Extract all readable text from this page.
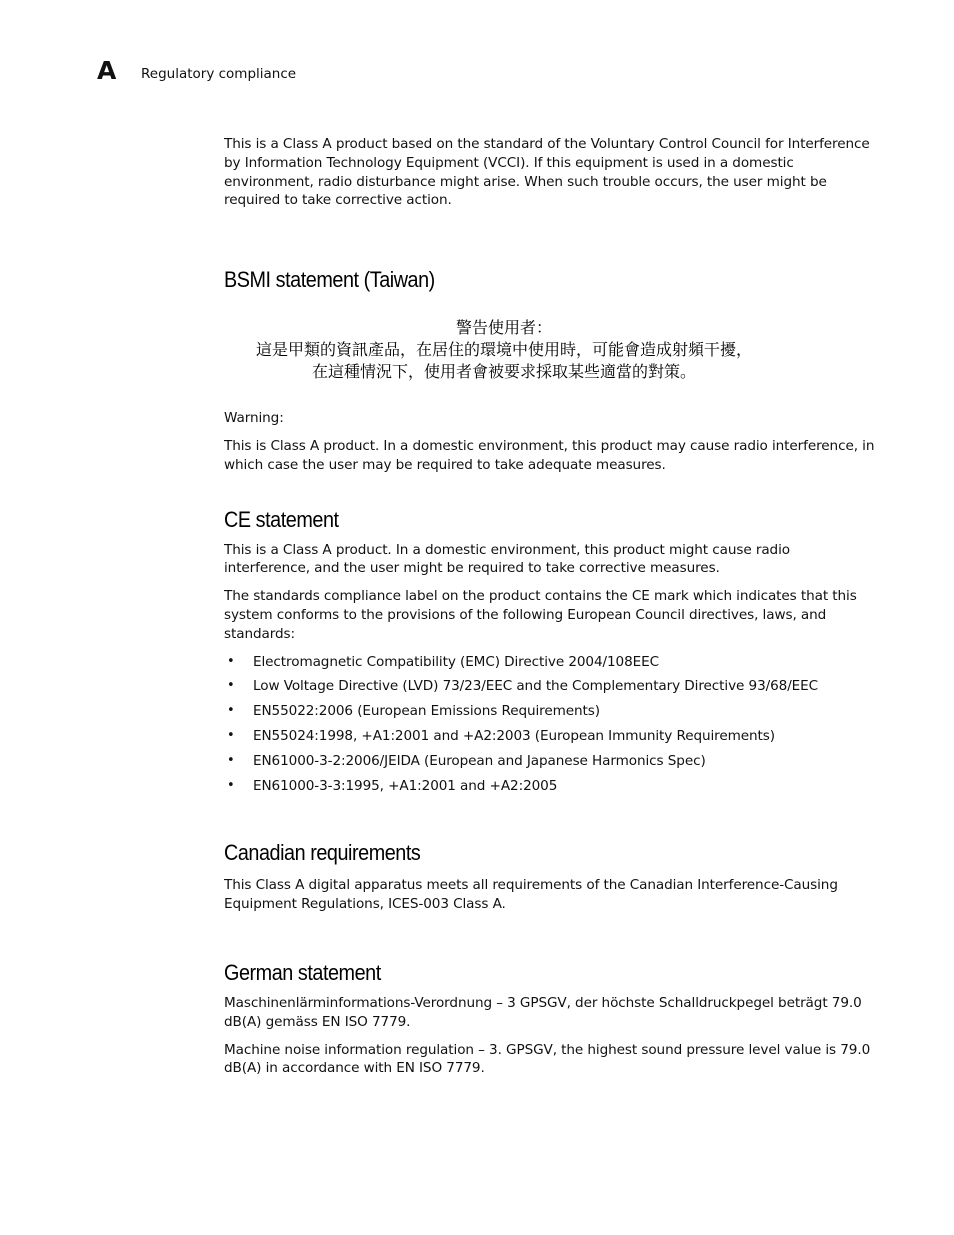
A Regulatory compliance

This is a Class A product based on the standard of the Voluntary Control Council for Interference by Information Technology Equipment (VCCI). If this equipment is used in a domestic environment, radio disturbance might arise. When such trouble occurs, the user might be required to take corrective action.

BSMI statement (Taiwan)
警告使用者：
這是甲類的資訊產品，在居住的環境中使用時，可能會造成射頻干擾，
在這種情況下，使用者會被要求採取某些適當的對策。

Warning:

This is Class A product. In a domestic environment, this product may cause radio interference, in which case the user may be required to take adequate measures.

CE statement

This is a Class A product. In a domestic environment, this product might cause radio interference, and the user might be required to take corrective measures.

The standards compliance label on the product contains the CE mark which indicates that this system conforms to the provisions of the following European Council directives, laws, and standards:

• Electromagnetic Compatibility (EMC) Directive 2004/108EEC
• Low Voltage Directive (LVD) 73/23/EEC and the Complementary Directive 93/68/EEC
• EN55022:2006 (European Emissions Requirements)
• EN55024:1998, +A1:2001 and +A2:2003 (European Immunity Requirements)
• EN61000-3-2:2006/JEIDA (European and Japanese Harmonics Spec)
• EN61000-3-3:1995, +A1:2001 and +A2:2005
Canadian requirements

This Class A digital apparatus meets all requirements of the Canadian Interference-Causing Equipment Regulations, ICES-003 Class A.

German statement

Maschinenlärminformations-Verordnung – 3 GPSGV, der höchste Schalldruckpegel beträgt 79.0 dB(A) gemäss EN ISO 7779.

Machine noise information regulation – 3. GPSGV, the highest sound pressure level value is 79.0 dB(A) in accordance with EN ISO 7779.
